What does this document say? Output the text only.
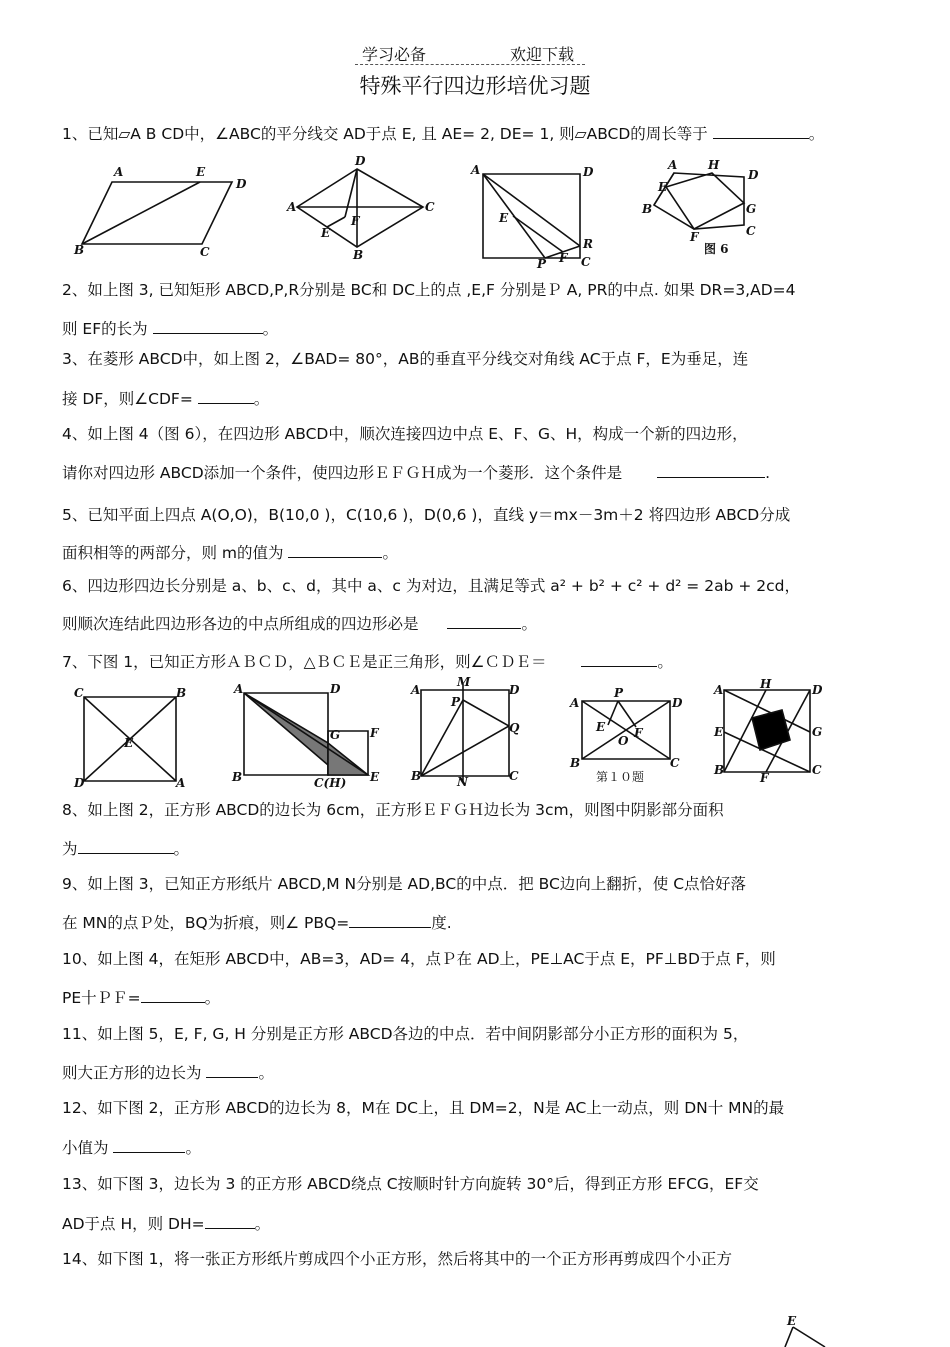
学习必备	欢迎下载
特殊平行四边形培优习题
1、已知▱A B CD中，∠ABC的平分线交 AD于点 E, 且 AE= 2, DE= 1, 则▱ABCD的周长等于	。
A	E
D
B	C
D
A	C
E
F
B
A	D
E
R
P F C
A	H
D
E
B	G
C
F
图 6
2、如上图 3, 已知矩形 ABCD,P,R分别是 BC和 DC上的点 ,E,F 分别是Ｐ A, PR的中点. 如果 DR=3,AD=4
则 EF的长为	。
3、在菱形 ABCD中，如上图 2，∠BAD= 80°，AB的垂直平分线交对角线 AC于点 F，E为垂足，连
接 DF，则∠CDF=	。
4、如上图 4（图 6），在四边形 ABCD中，顺次连接四边中点 E、F、G、H，构成一个新的四边形，
请你对四边形 ABCD添加一个条件，使四边形ＥＦＧＨ成为一个菱形．这个条件是	.
5、已知平面上四点 A(O,O)，B(10,0 )，C(10,6 )，D(0,6 )，直线 y＝mx－3m＋2 将四边形 ABCD分成
面积相等的两部分，则 m的值为	。
6、四边形四边长分别是 a、b、c、d，其中 a、c 为对边，且满足等式 a² + b² + c² + d² = 2ab + 2cd，
则顺次连结此四边形各边的中点所组成的四边形必是	。
7、下图 1，已知正方形ＡＢＣＤ，△ＢＣＥ是正三角形，则∠ＣＤＥ＝	。
C	B
E
D	A
A	D
G F
B	C(H) E
M
A	D
P
Q
B	N	C
P
A	D
E
O
F
B	C
第１０题
H
A	D
E	G
B
F
C
8、如上图 2，正方形 ABCD的边长为 6cm，正方形ＥＦＧＨ边长为 3cm，则图中阴影部分面积
为	。
9、如上图 3，已知正方形纸片 ABCD,M N分别是 AD,BC的中点．把 BC边向上翻折，使 C点恰好落
在 MN的点Ｐ处，BQ为折痕，则∠ PBQ=	度.
10、如上图 4，在矩形 ABCD中，AB=3，AD= 4，点Ｐ在 AD上，PE⊥AC于点 E，PF⊥BD于点 F，则
PE十ＰＦ=	。
11、如上图 5，E, F, G, H 分别是正方形 ABCD各边的中点．若中间阴影部分小正方形的面积为 5，
则大正方形的边长为	。
12、如下图 2，正方形 ABCD的边长为 8，M在 DC上，且 DM=2，N是 AC上一动点，则 DN十 MN的最
小值为	。
13、如下图 3，边长为 3 的正方形 ABCD绕点 C按顺时针方向旋转 30°后，得到正方形 EFCG，EF交
AD于点 H，则 DH=	。
14、如下图 1，将一张正方形纸片剪成四个小正方形，然后将其中的一个正方形再剪成四个小正方
E
